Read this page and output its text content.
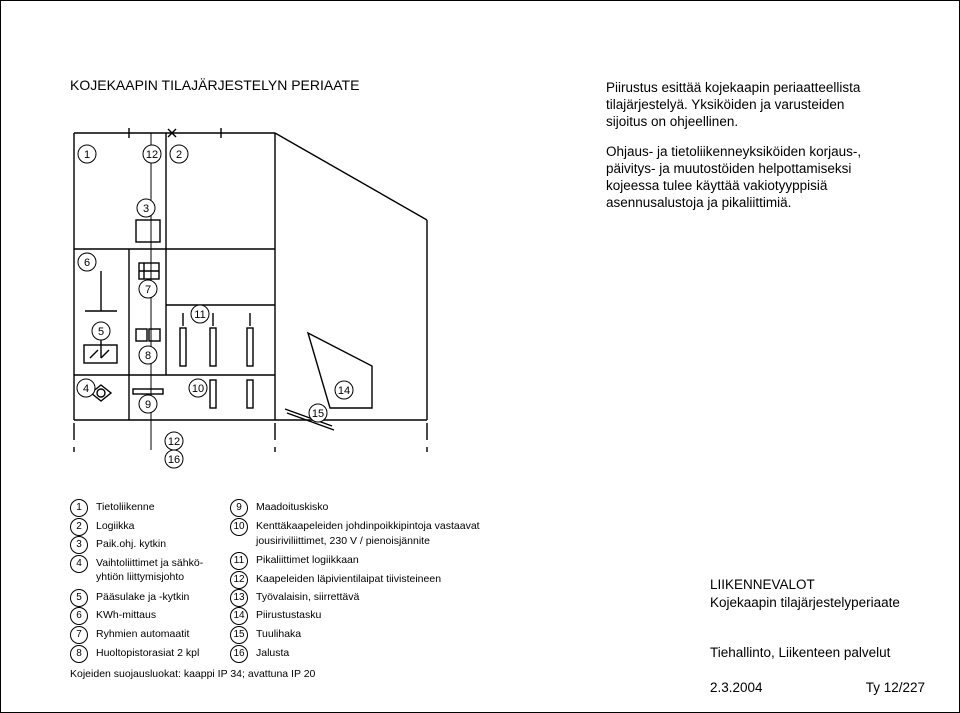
KOJEKAAPIN TILAJÄRJESTELYN PERIAATE	Piirustus esittää kojekaapin periaatteellista
tilajärjestelyä. Yksiköiden ja varusteiden
sijoitus on ohjeellinen.
Ohjaus- ja tietoliikenneyksiköiden korjaus-,
päivitys- ja muutostöiden helpottamiseksi
kojeessa tulee käyttää vakiotyyppisiä
asennusalustoja ja pikaliittimiä.
1	12 2
3
6
7
11
5
8
4
9
10	14
15
12
16
1	Tietoliikenne
2	Logiikka
3	Paik.ohj. kytkin
4	Vaihtoliittimet ja sähkö-
yhtiön liittymisjohto
5	Pääsulake ja -kytkin
6	KWh-mittaus
7	Ryhmien automaatit
8	Huoltopistorasiat 2 kpl
9	Maadoituskisko
10	Kenttäkaapeleiden johdinpoikkipintoja vastaavat
jousiriviliittimet, 230 V / pienoisjännite
11	Pikaliittimet logiikkaan
12	Kaapeleiden läpivientilaipat tiivisteineen
13	Työvalaisin, siirrettävä
14	Piirustustasku
15	Tuulihaka
16	Jalusta
Kojeiden suojausluokat: kaappi IP 34; avattuna IP 20
LIIKENNEVALOT
Kojekaapin tilajärjestelyperiaate
Tiehallinto, Liikenteen palvelut
2.3.2004	Ty 12/227
